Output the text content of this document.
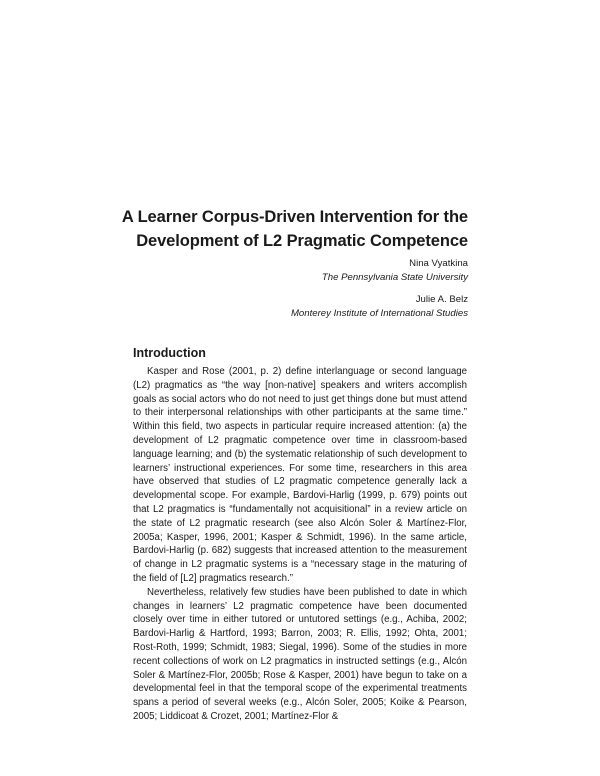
A Learner Corpus-Driven Intervention for the
Development of L2 Pragmatic Competence
Nina Vyatkina
The Pennsylvania State University
Julie A. Belz
Monterey Institute of International Studies
Introduction

Kasper and Rose (2001, p. 2) define interlanguage or second language (L2) pragmatics as “the way [non-native] speakers and writers accomplish goals as social actors who do not need to just get things done but must attend to their interpersonal relationships with other participants at the same time.” Within this field, two aspects in particular require increased attention: (a) the development of L2 pragmatic competence over time in classroom-based language learning; and (b) the systematic relationship of such development to learners’ instructional experiences. For some time, researchers in this area have observed that studies of L2 pragmatic competence generally lack a developmental scope. For example, Bardovi-Harlig (1999, p. 679) points out that L2 pragmatics is “fundamentally not acquisitional” in a review article on the state of L2 pragmatic research (see also Alcón Soler & Martínez-Flor, 2005a; Kasper, 1996, 2001; Kasper & Schmidt, 1996). In the same article, Bardovi-Harlig (p. 682) suggests that increased attention to the measurement of change in L2 pragmatic systems is a “necessary stage in the maturing of the field of [L2] pragmatics research.”

Nevertheless, relatively few studies have been published to date in which changes in learners’ L2 pragmatic competence have been documented closely over time in either tutored or untutored settings (e.g., Achiba, 2002; Bardovi-Harlig & Hartford, 1993; Barron, 2003; R. Ellis, 1992; Ohta, 2001; Rost-Roth, 1999; Schmidt, 1983; Siegal, 1996). Some of the studies in more recent collections of work on L2 pragmatics in instructed settings (e.g., Alcón Soler & Martínez-Flor, 2005b; Rose & Kasper, 2001) have begun to take on a developmental feel in that the temporal scope of the experimental treatments spans a period of several weeks (e.g., Alcón Soler, 2005; Koike & Pearson, 2005; Liddicoat & Crozet, 2001; Martínez-Flor &
